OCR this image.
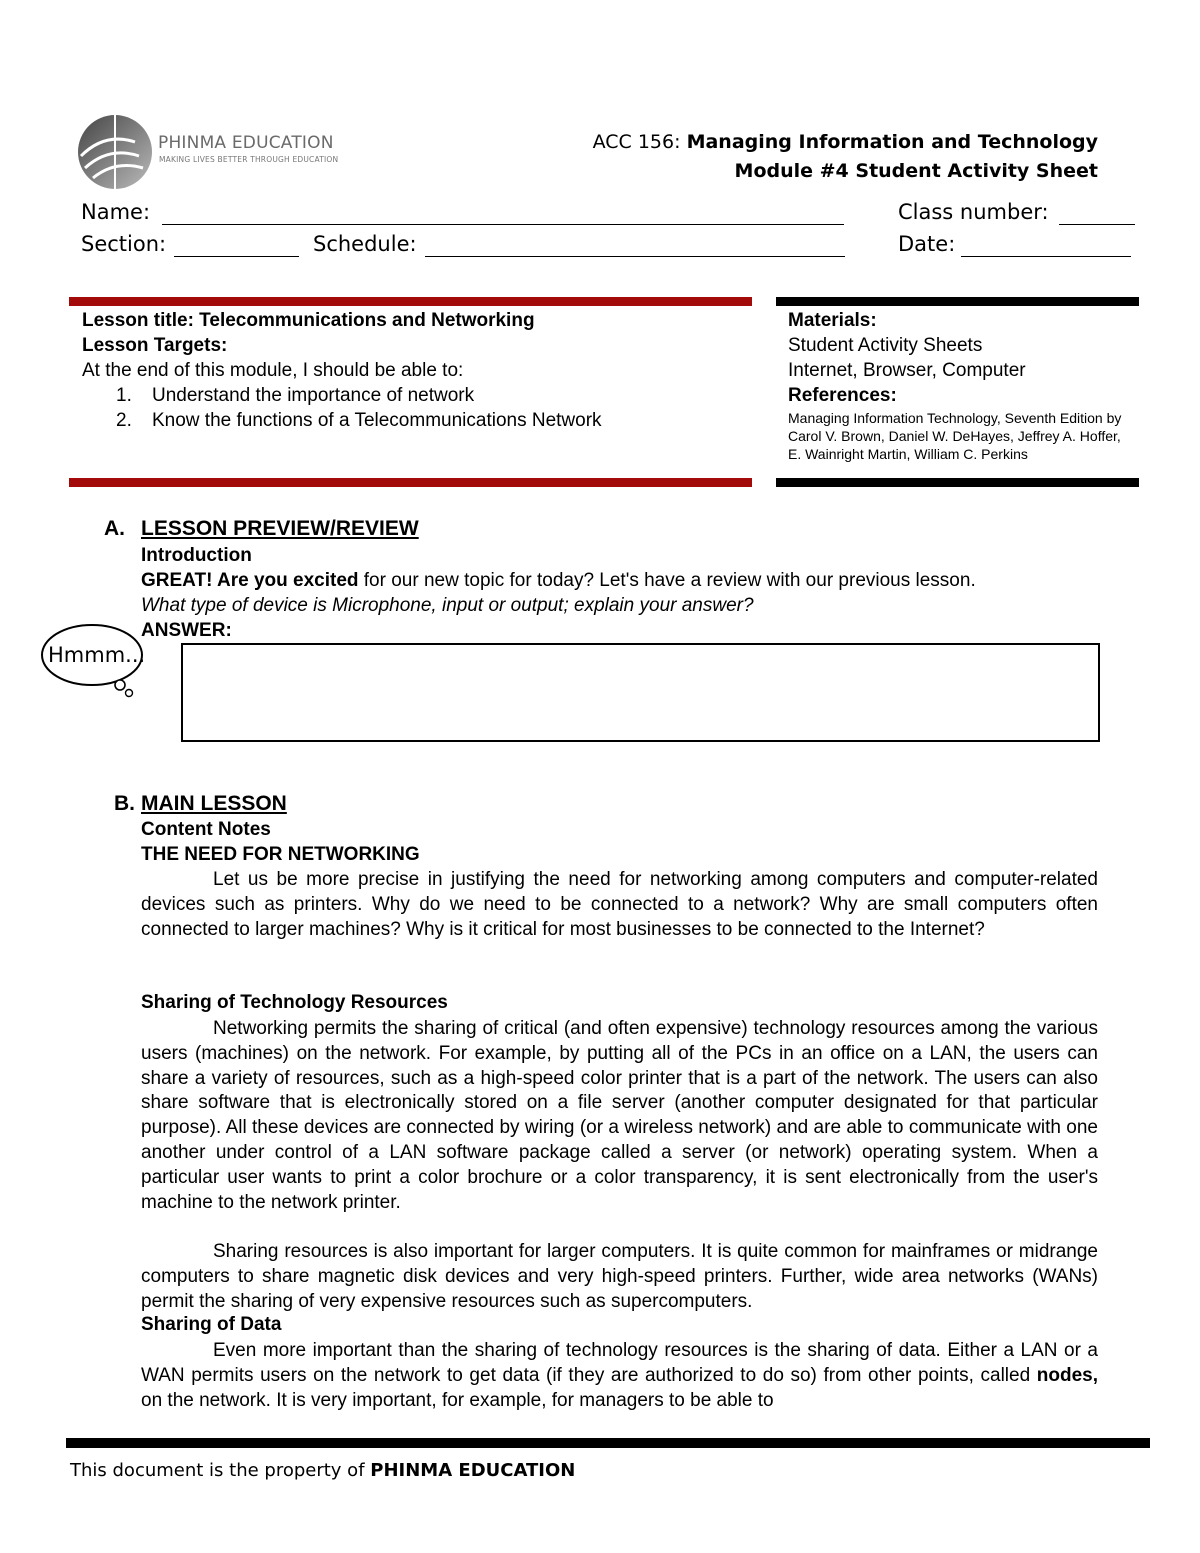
PHINMA EDUCATION
MAKING LIVES BETTER THROUGH EDUCATION
ACC 156: Managing Information and Technology
Module #4 Student Activity Sheet
Name:	Class number:
Section:	Schedule:	Date:
Lesson title: Telecommunications and Networking
Lesson Targets:
At the end of this module, I should be able to:
1. Understand the importance of network
2. Know the functions of a Telecommunications Network
Materials:
Student Activity Sheets
Internet, Browser, Computer
References:
Managing Information Technology, Seventh Edition by Carol V. Brown, Daniel W. DeHayes, Jeffrey A. Hoffer, E. Wainright Martin, William C. Perkins
A. LESSON PREVIEW/REVIEW
Introduction
GREAT! Are you excited for our new topic for today? Let's have a review with our previous lesson.
What type of device is Microphone, input or output; explain your answer?
ANSWER:
Hmmm...
B. MAIN LESSON
Content Notes
THE NEED FOR NETWORKING
Let us be more precise in justifying the need for networking among computers and computer-related devices such as printers. Why do we need to be connected to a network? Why are small computers often connected to larger machines? Why is it critical for most businesses to be connected to the Internet?
Sharing of Technology Resources
Networking permits the sharing of critical (and often expensive) technology resources among the various users (machines) on the network. For example, by putting all of the PCs in an office on a LAN, the users can share a variety of resources, such as a high-speed color printer that is a part of the network. The users can also share software that is electronically stored on a file server (another computer designated for that particular purpose). All these devices are connected by wiring (or a wireless network) and are able to communicate with one another under control of a LAN software package called a server (or network) operating system. When a particular user wants to print a color brochure or a color transparency, it is sent electronically from the user's machine to the network printer.
Sharing resources is also important for larger computers. It is quite common for mainframes or midrange computers to share magnetic disk devices and very high-speed printers. Further, wide area networks (WANs) permit the sharing of very expensive resources such as supercomputers.
Sharing of Data
Even more important than the sharing of technology resources is the sharing of data. Either a LAN or a WAN permits users on the network to get data (if they are authorized to do so) from other points, called nodes, on the network. It is very important, for example, for managers to be able to
This document is the property of PHINMA EDUCATION
